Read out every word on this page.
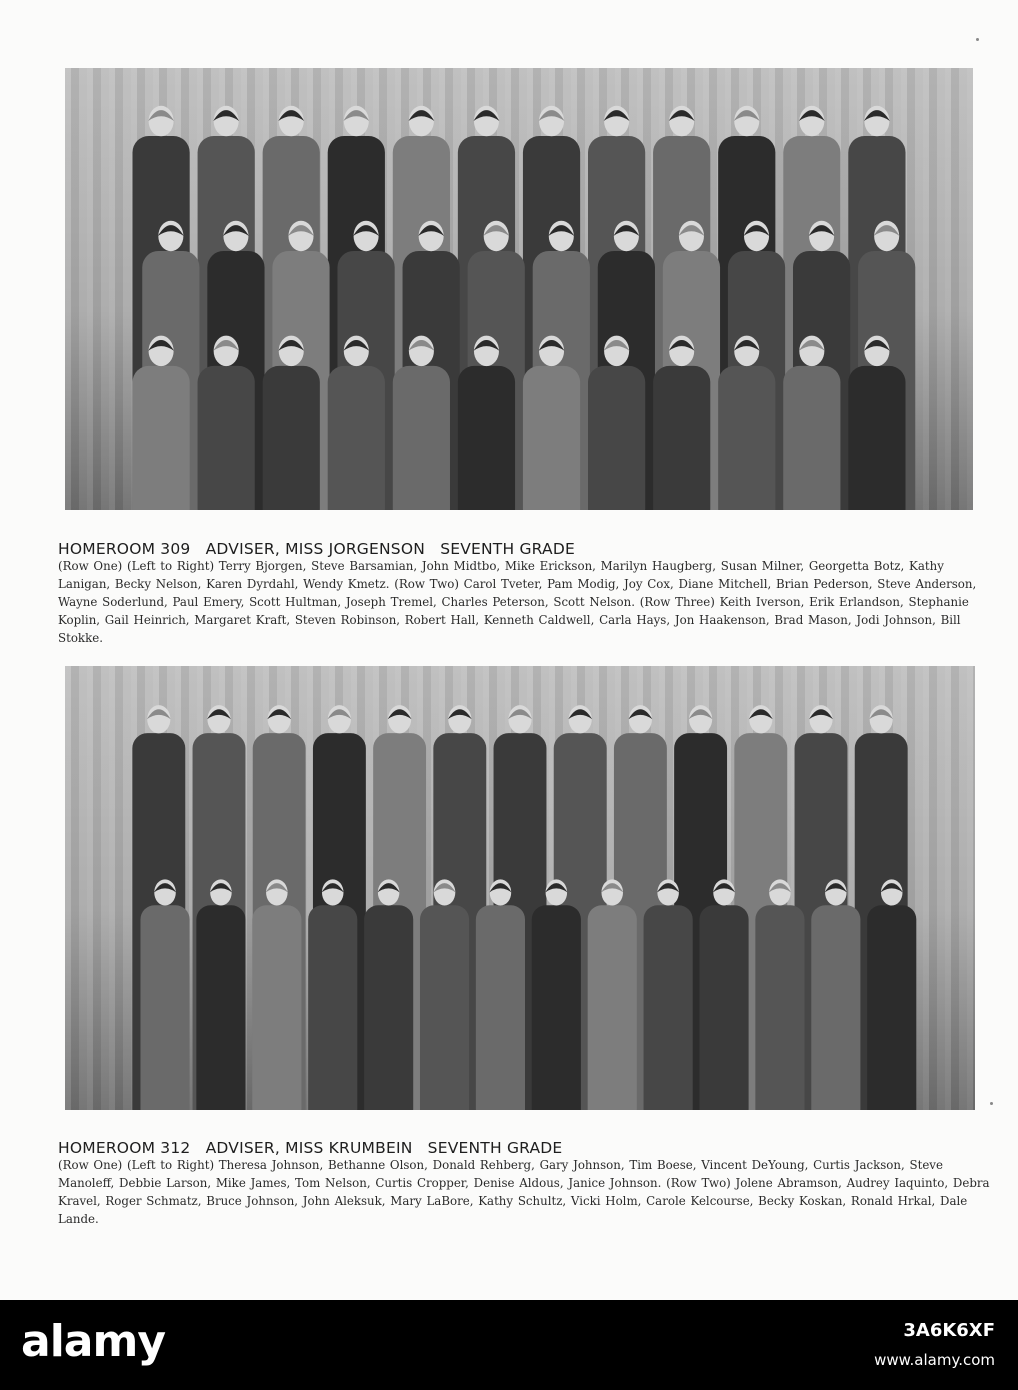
HOMEROOM 309 ADVISER, MISS JORGENSON SEVENTH GRADE
(Row One) (Left to Right) Terry Bjorgen, Steve Barsamian, John Midtbo, Mike Erickson, Marilyn Haugberg, Susan Milner, Georgetta Botz, Kathy Lanigan, Becky Nelson, Karen Dyrdahl, Wendy Kmetz. (Row Two) Carol Tveter, Pam Modig, Joy Cox, Diane Mitchell, Brian Pederson, Steve Anderson, Wayne Soderlund, Paul Emery, Scott Hultman, Joseph Tremel, Charles Peterson, Scott Nelson. (Row Three) Keith Iverson, Erik Erlandson, Stephanie Koplin, Gail Heinrich, Margaret Kraft, Steven Robinson, Robert Hall, Kenneth Caldwell, Carla Hays, Jon Haakenson, Brad Mason, Jodi Johnson, Bill Stokke.
HOMEROOM 312 ADVISER, MISS KRUMBEIN SEVENTH GRADE
(Row One) (Left to Right) Theresa Johnson, Bethanne Olson, Donald Rehberg, Gary Johnson, Tim Boese, Vincent DeYoung, Curtis Jackson, Steve Manoleff, Debbie Larson, Mike James, Tom Nelson, Curtis Cropper, Denise Aldous, Janice Johnson. (Row Two) Jolene Abramson, Audrey Iaquinto, Debra Kravel, Roger Schmatz, Bruce Johnson, John Aleksuk, Mary LaBore, Kathy Schultz, Vicki Holm, Carole Kelcourse, Becky Koskan, Ronald Hrkal, Dale Lande.
alamy	3A6K6XF
www.alamy.com
